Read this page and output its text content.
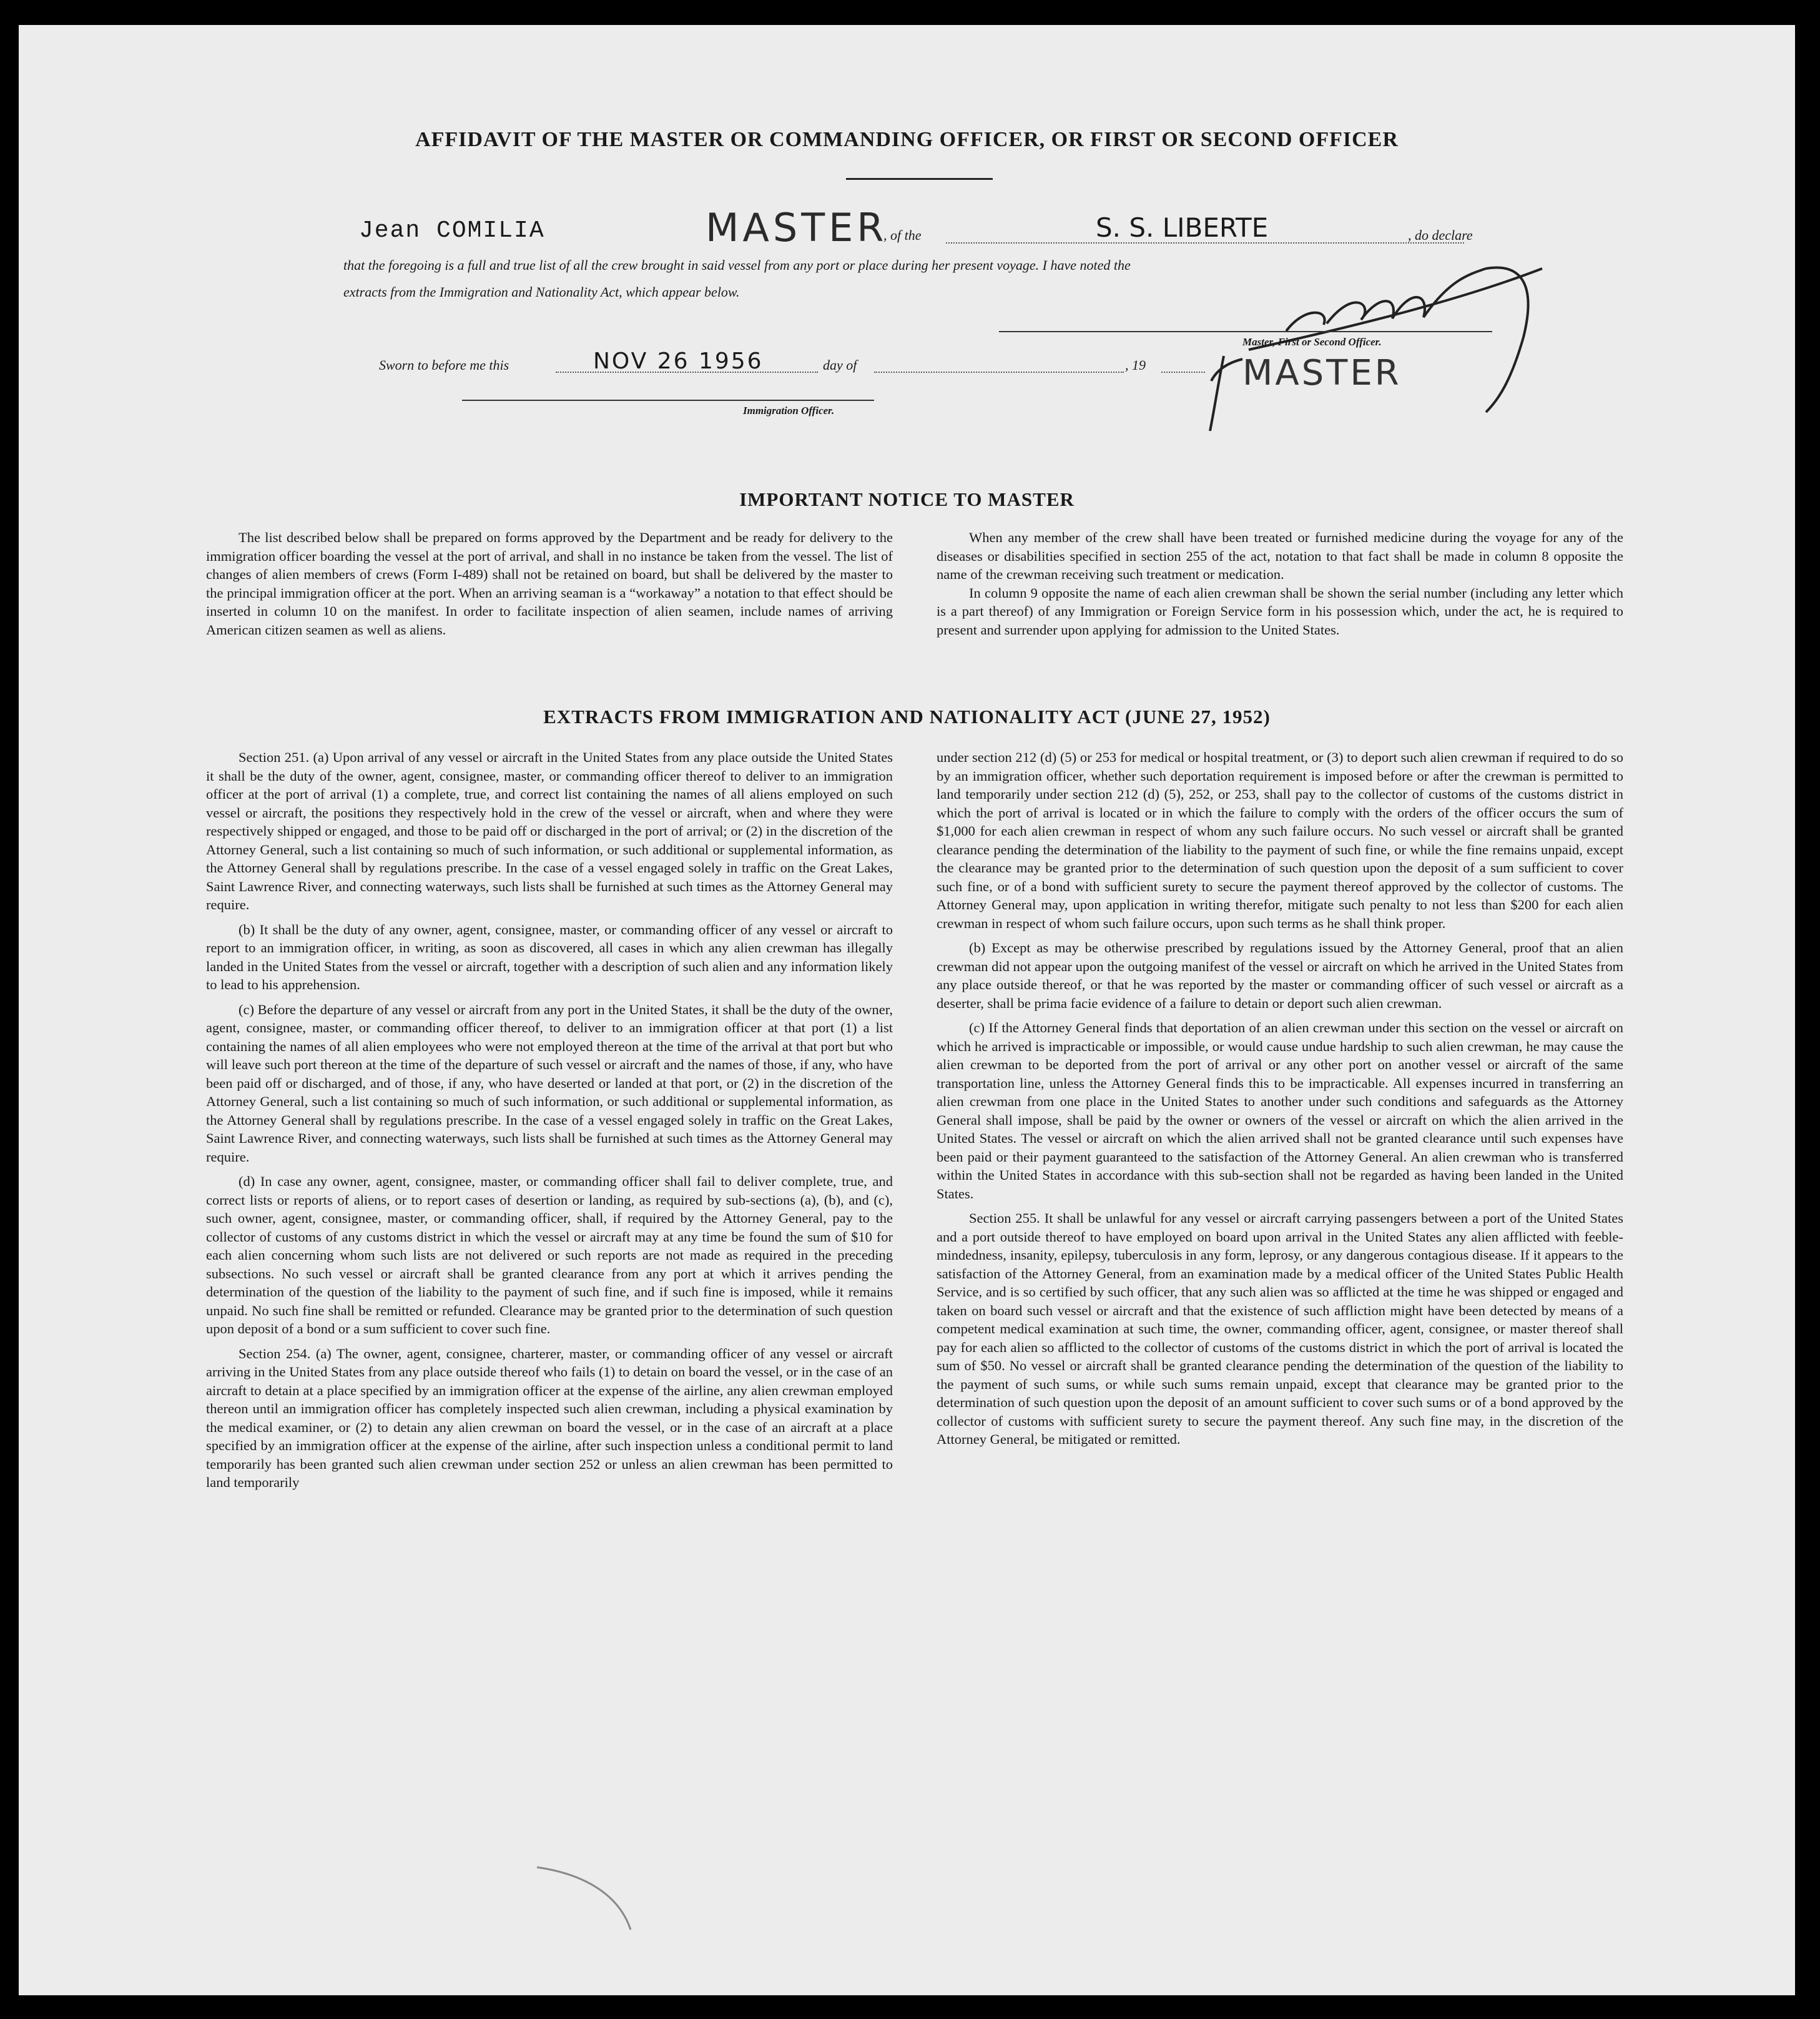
AFFIDAVIT OF THE MASTER OR COMMANDING OFFICER, OR FIRST OR SECOND OFFICER
Jean COMILIA	MASTER
, of the	S. S. LIBERTE	, do declare
that the foregoing is a full and true list of all the crew brought in said vessel from any port or place during her present voyage. I have noted the
extracts from the Immigration and Nationality Act, which appear below.
Master, First or Second Officer.
MASTER
Sworn to before me this	NOV 26 1956	day of	, 19
Immigration Officer.
IMPORTANT NOTICE TO MASTER

The list described below shall be prepared on forms approved by the Department and be ready for delivery to the immigration officer boarding the vessel at the port of arrival, and shall in no instance be taken from the vessel. The list of changes of alien members of crews (Form I-489) shall not be retained on board, but shall be delivered by the master to the principal immigration officer at the port. When an arriving seaman is a “workaway” a notation to that effect should be inserted in column 10 on the manifest. In order to facilitate inspection of alien seamen, include names of arriving American citizen seamen as well as aliens.

When any member of the crew shall have been treated or furnished medicine during the voyage for any of the diseases or disabilities specified in section 255 of the act, notation to that fact shall be made in column 8 opposite the name of the crewman receiving such treatment or medication.

In column 9 opposite the name of each alien crewman shall be shown the serial number (including any letter which is a part thereof) of any Immigration or Foreign Service form in his possession which, under the act, he is required to present and surrender upon applying for admission to the United States.

EXTRACTS FROM IMMIGRATION AND NATIONALITY ACT (JUNE 27, 1952)

Section 251. (a) Upon arrival of any vessel or aircraft in the United States from any place outside the United States it shall be the duty of the owner, agent, consignee, master, or commanding officer thereof to deliver to an immigration officer at the port of arrival (1) a complete, true, and correct list containing the names of all aliens employed on such vessel or aircraft, the positions they respectively hold in the crew of the vessel or aircraft, when and where they were respectively shipped or engaged, and those to be paid off or discharged in the port of arrival; or (2) in the discretion of the Attorney General, such a list containing so much of such information, or such additional or supplemental information, as the Attorney General shall by regulations prescribe. In the case of a vessel engaged solely in traffic on the Great Lakes, Saint Lawrence River, and connecting waterways, such lists shall be furnished at such times as the Attorney General may require.

(b) It shall be the duty of any owner, agent, consignee, master, or commanding officer of any vessel or aircraft to report to an immigration officer, in writing, as soon as discovered, all cases in which any alien crewman has illegally landed in the United States from the vessel or aircraft, together with a description of such alien and any information likely to lead to his apprehension.

(c) Before the departure of any vessel or aircraft from any port in the United States, it shall be the duty of the owner, agent, consignee, master, or commanding officer thereof, to deliver to an immigration officer at that port (1) a list containing the names of all alien employees who were not employed thereon at the time of the arrival at that port but who will leave such port thereon at the time of the departure of such vessel or aircraft and the names of those, if any, who have been paid off or discharged, and of those, if any, who have deserted or landed at that port, or (2) in the discretion of the Attorney General, such a list containing so much of such information, or such additional or supplemental information, as the Attorney General shall by regulations prescribe. In the case of a vessel engaged solely in traffic on the Great Lakes, Saint Lawrence River, and connecting waterways, such lists shall be furnished at such times as the Attorney General may require.

(d) In case any owner, agent, consignee, master, or commanding officer shall fail to deliver complete, true, and correct lists or reports of aliens, or to report cases of desertion or landing, as required by sub-sections (a), (b), and (c), such owner, agent, consignee, master, or commanding officer, shall, if required by the Attorney General, pay to the collector of customs of any customs district in which the vessel or aircraft may at any time be found the sum of $10 for each alien concerning whom such lists are not delivered or such reports are not made as required in the preceding subsections. No such vessel or aircraft shall be granted clearance from any port at which it arrives pending the determination of the question of the liability to the payment of such fine, and if such fine is imposed, while it remains unpaid. No such fine shall be remitted or refunded. Clearance may be granted prior to the determination of such question upon deposit of a bond or a sum sufficient to cover such fine.

Section 254. (a) The owner, agent, consignee, charterer, master, or commanding officer of any vessel or aircraft arriving in the United States from any place outside thereof who fails (1) to detain on board the vessel, or in the case of an aircraft to detain at a place specified by an immigration officer at the expense of the airline, any alien crewman employed thereon until an immigration officer has completely inspected such alien crewman, including a physical examination by the medical examiner, or (2) to detain any alien crewman on board the vessel, or in the case of an aircraft at a place specified by an immigration officer at the expense of the airline, after such inspection unless a conditional permit to land temporarily has been granted such alien crewman under section 252 or unless an alien crewman has been permitted to land temporarily

under section 212 (d) (5) or 253 for medical or hospital treatment, or (3) to deport such alien crewman if required to do so by an immigration officer, whether such deportation requirement is imposed before or after the crewman is permitted to land temporarily under section 212 (d) (5), 252, or 253, shall pay to the collector of customs of the customs district in which the port of arrival is located or in which the failure to comply with the orders of the officer occurs the sum of $1,000 for each alien crewman in respect of whom any such failure occurs. No such vessel or aircraft shall be granted clearance pending the determination of the liability to the payment of such fine, or while the fine remains unpaid, except the clearance may be granted prior to the determination of such question upon the deposit of a sum sufficient to cover such fine, or of a bond with sufficient surety to secure the payment thereof approved by the collector of customs. The Attorney General may, upon application in writing therefor, mitigate such penalty to not less than $200 for each alien crewman in respect of whom such failure occurs, upon such terms as he shall think proper.

(b) Except as may be otherwise prescribed by regulations issued by the Attorney General, proof that an alien crewman did not appear upon the outgoing manifest of the vessel or aircraft on which he arrived in the United States from any place outside thereof, or that he was reported by the master or commanding officer of such vessel or aircraft as a deserter, shall be prima facie evidence of a failure to detain or deport such alien crewman.

(c) If the Attorney General finds that deportation of an alien crewman under this section on the vessel or aircraft on which he arrived is impracticable or impossible, or would cause undue hardship to such alien crewman, he may cause the alien crewman to be deported from the port of arrival or any other port on another vessel or aircraft of the same transportation line, unless the Attorney General finds this to be impracticable. All expenses incurred in transferring an alien crewman from one place in the United States to another under such conditions and safeguards as the Attorney General shall impose, shall be paid by the owner or owners of the vessel or aircraft on which the alien arrived in the United States. The vessel or aircraft on which the alien arrived shall not be granted clearance until such expenses have been paid or their payment guaranteed to the satisfaction of the Attorney General. An alien crewman who is transferred within the United States in accordance with this sub-section shall not be regarded as having been landed in the United States.

Section 255. It shall be unlawful for any vessel or aircraft carrying passengers between a port of the United States and a port outside thereof to have employed on board upon arrival in the United States any alien afflicted with feeble-mindedness, insanity, epilepsy, tuberculosis in any form, leprosy, or any dangerous contagious disease. If it appears to the satisfaction of the Attorney General, from an examination made by a medical officer of the United States Public Health Service, and is so certified by such officer, that any such alien was so afflicted at the time he was shipped or engaged and taken on board such vessel or aircraft and that the existence of such affliction might have been detected by means of a competent medical examination at such time, the owner, commanding officer, agent, consignee, or master thereof shall pay for each alien so afflicted to the collector of customs of the customs district in which the port of arrival is located the sum of $50. No vessel or aircraft shall be granted clearance pending the determination of the question of the liability to the payment of such sums, or while such sums remain unpaid, except that clearance may be granted prior to the determination of such question upon the deposit of an amount sufficient to cover such sums or of a bond approved by the collector of customs with sufficient surety to secure the payment thereof. Any such fine may, in the discretion of the Attorney General, be mitigated or remitted.
